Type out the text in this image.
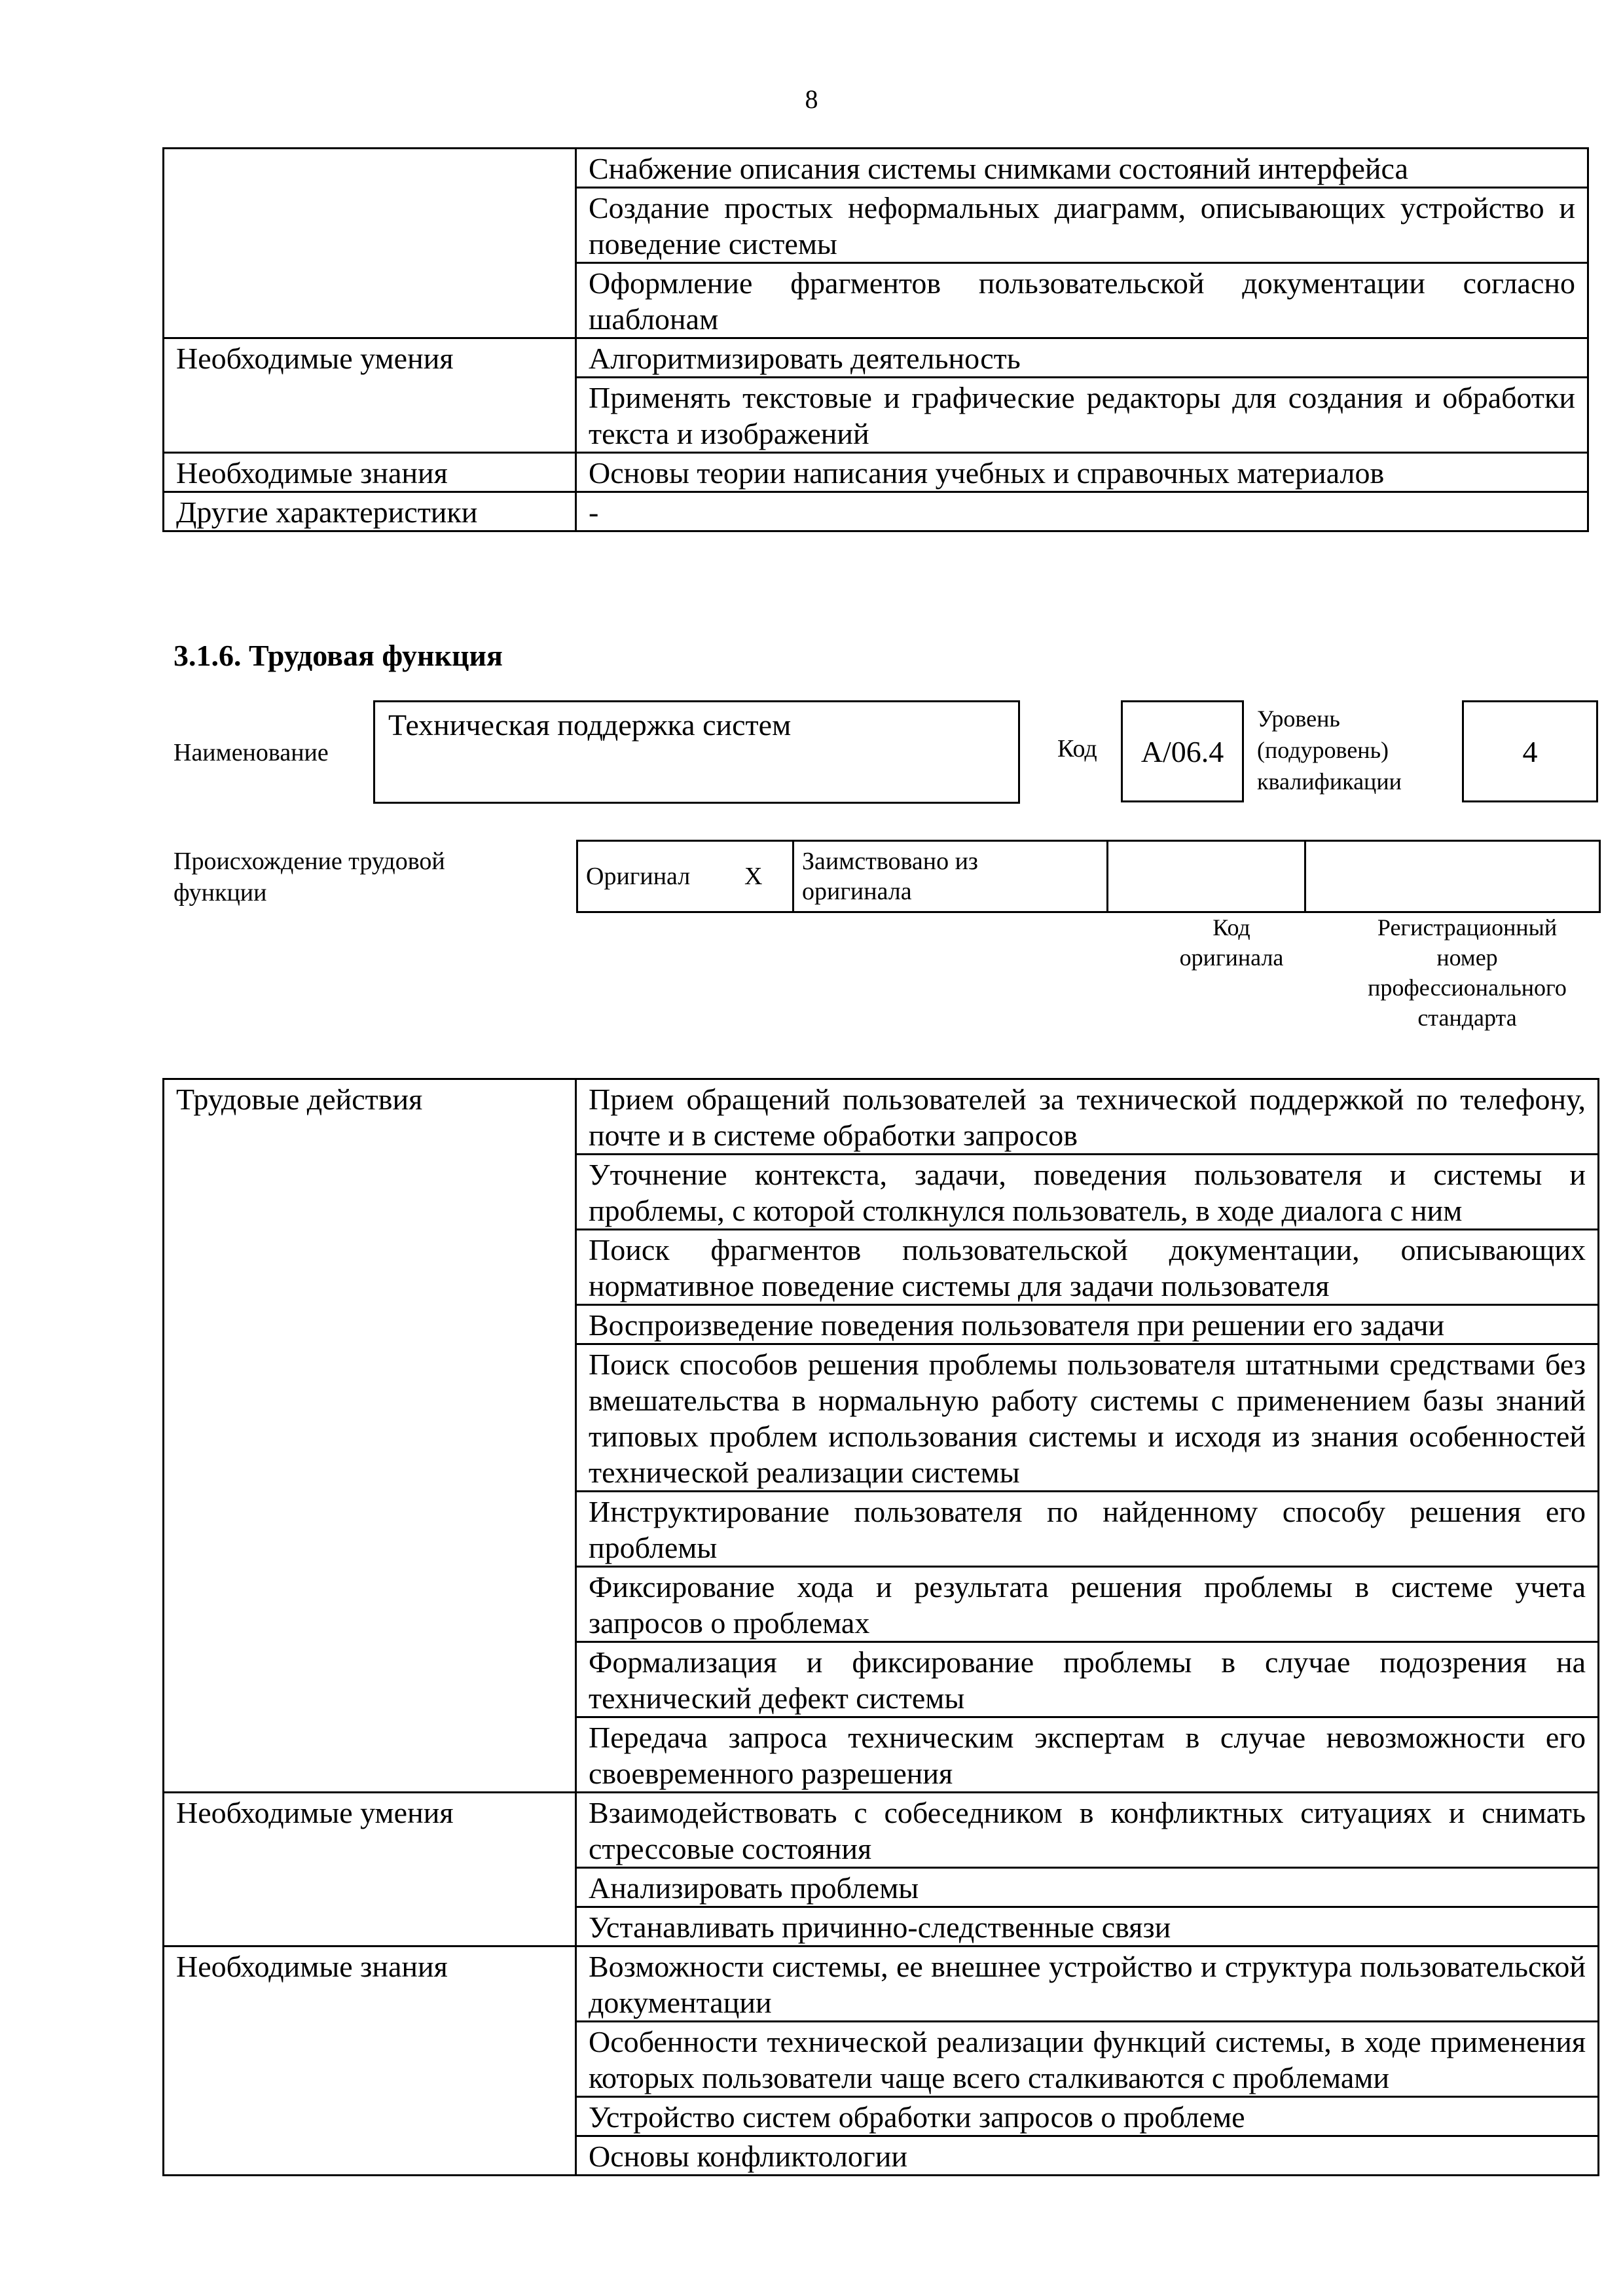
8
	Снабжение описания системы снимками состояний интерфейса
	Создание простых неформальных диаграмм, описывающих устройство и поведение системы
	Оформление фрагментов пользовательской документации согласно шаблонам
Необходимые умения	Алгоритмизировать деятельность
	Применять текстовые и графические редакторы для создания и обработки текста и изображений
Необходимые знания	Основы теории написания учебных и справочных материалов
Другие характеристики	-
3.1.6. Трудовая функция
Наименование
Техническая поддержка систем
Код	A/06.4
Уровень
(подуровень)
квалификации
4
Происхождение трудовой
функции
Оригинал	X	
Заимствовано из
оригинала

Код
оригинала
Регистрационный
номер
профессионального
стандарта
Трудовые действия	Прием обращений пользователей за технической поддержкой по телефону, почте и в системе обработки запросов
	Уточнение контекста, задачи, поведения пользователя и системы и проблемы, с которой столкнулся пользователь, в ходе диалога с ним
	Поиск фрагментов пользовательской документации, описывающих нормативное поведение системы для задачи пользователя
	Воспроизведение поведения пользователя при решении его задачи
	Поиск способов решения проблемы пользователя штатными средствами без вмешательства в нормальную работу системы с применением базы знаний типовых проблем использования системы и исходя из знания особенностей технической реализации системы
	Инструктирование пользователя по найденному способу решения его проблемы
	Фиксирование хода и результата решения проблемы в системе учета запросов о проблемах
	Формализация и фиксирование проблемы в случае подозрения на технический дефект системы
	Передача запроса техническим экспертам в случае невозможности его своевременного разрешения
Необходимые умения	Взаимодействовать с собеседником в конфликтных ситуациях и снимать стрессовые состояния
	Анализировать проблемы
	Устанавливать причинно-следственные связи
Необходимые знания	Возможности системы, ее внешнее устройство и структура пользовательской документации
	Особенности технической реализации функций системы, в ходе применения которых пользователи чаще всего сталкиваются с проблемами
	Устройство систем обработки запросов о проблеме
	Основы конфликтологии
